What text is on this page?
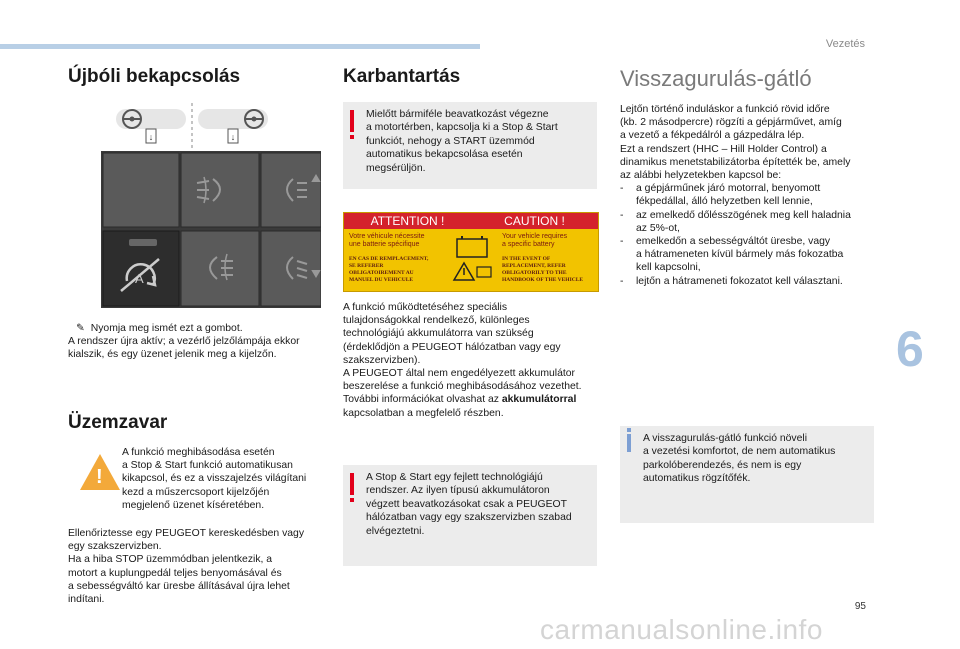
Vezetés
6
95
carmanualsonline.info
Újbóli bekapcsolás
↓	↓
A
✎ Nyomja meg ismét ezt a gombot.
A rendszer újra aktív; a vezérlő jelzőlámpája ekkor
kialszik, és egy üzenet jelenik meg a kijelzőn.
Üzemzavar
!
A funkció meghibásodása esetén
a Stop & Start funkció automatikusan
kikapcsol, és ez a visszajelzés világítani
kezd a műszercsoport kijelzőjén
megjelenő üzenet kíséretében.
Ellenőriztesse egy PEUGEOT kereskedésben vagy
egy szakszervizben.
Ha a hiba STOP üzemmódban jelentkezik, a
motort a kuplungpedál teljes benyomásával és
a sebességváltó kar üresbe állításával újra lehet
indítani.
Karbantartás
Mielőtt bármiféle beavatkozást végezne
a motortérben, kapcsolja ki a Stop & Start
funkciót, nehogy a START üzemmód
automatikus bekapcsolása esetén
megsérüljön.
ATTENTION !	CAUTION !
Votre véhicule nécessite
une batterie spécifique
Your vehicle requires
a specific battery
EN CAS DE REMPLACEMENT,
SE REFERER
OBLIGATOIREMENT AU
MANUEL DU VEHICULE
IN THE EVENT OF
REPLACEMENT, REFER
OBLIGATORILY TO THE
HANDBOOK OF THE VEHICLE
A funkció működtetéséhez speciális
tulajdonságokkal rendelkező, különleges
technológiájú akkumulátorra van szükség
(érdeklődjön a PEUGEOT hálózatban vagy egy
szakszervizben).
A PEUGEOT által nem engedélyezett akkumulátor
beszerelése a funkció meghibásodásához vezethet.
További információkat olvashat az akkumulátorral
kapcsolatban a megfelelő részben.
A Stop & Start egy fejlett technológiájú
rendszer. Az ilyen típusú akkumulátoron
végzett beavatkozásokat csak a PEUGEOT
hálózatban vagy egy szakszervizben szabad
elvégeztetni.
Visszagurulás-gátló
Lejtőn történő induláskor a funkció rövid időre
(kb. 2 másodpercre) rögzíti a gépjárművet, amíg
a vezető a fékpedálról a gázpedálra lép.
Ezt a rendszert (HHC – Hill Holder Control) a
dinamikus menetstabilizátorba építették be, amely
az alábbi helyzetekben kapcsol be:
- a gépjárműnek járó motorral, benyomott
fékpedállal, álló helyzetben kell lennie,
- az emelkedő dőlésszögének meg kell haladnia
az 5%-ot,
- emelkedőn a sebességváltót üresbe, vagy
a hátrameneten kívül bármely más fokozatba
kell kapcsolni,
- lejtőn a hátrameneti fokozatot kell választani.
A visszagurulás-gátló funkció növeli
a vezetési komfortot, de nem automatikus
parkolóberendezés, és nem is egy
automatikus rögzítőfék.
